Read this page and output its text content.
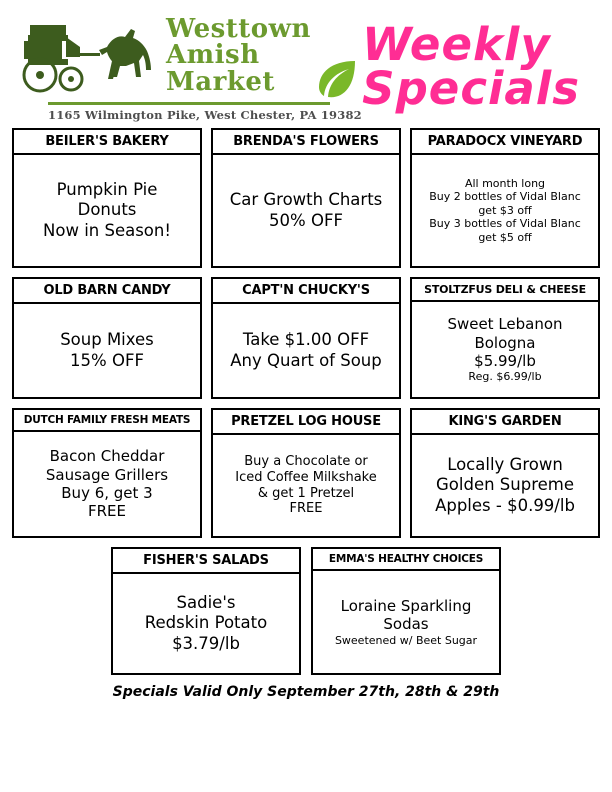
Westtown
Amish
Market
1165 Wilmington Pike, West Chester, PA 19382
Weekly
Specials
BEILER'S BAKERY
Pumpkin Pie
Donuts
Now in Season!
BRENDA'S FLOWERS
Car Growth Charts
50% OFF
PARADOCX VINEYARD
All month long
Buy 2 bottles of Vidal Blanc
get $3 off
Buy 3 bottles of Vidal Blanc
get $5 off
OLD BARN CANDY
Soup Mixes
15% OFF
CAPT'N CHUCKY'S
Take $1.00 OFF
Any Quart of Soup
STOLTZFUS DELI & CHEESE
Sweet Lebanon Bologna
$5.99/lb
Reg. $6.99/lb
DUTCH FAMILY FRESH MEATS
Bacon Cheddar
Sausage Grillers
Buy 6, get 3
FREE
PRETZEL LOG HOUSE
Buy a Chocolate or
Iced Coffee Milkshake
& get 1 Pretzel
FREE
KING'S GARDEN
Locally Grown
Golden Supreme
Apples - $0.99/lb
FISHER'S SALADS
Sadie's
Redskin Potato
$3.79/lb
EMMA'S HEALTHY CHOICES
Loraine Sparkling
Sodas
Sweetened w/ Beet Sugar
Specials Valid Only September 27th, 28th & 29th
